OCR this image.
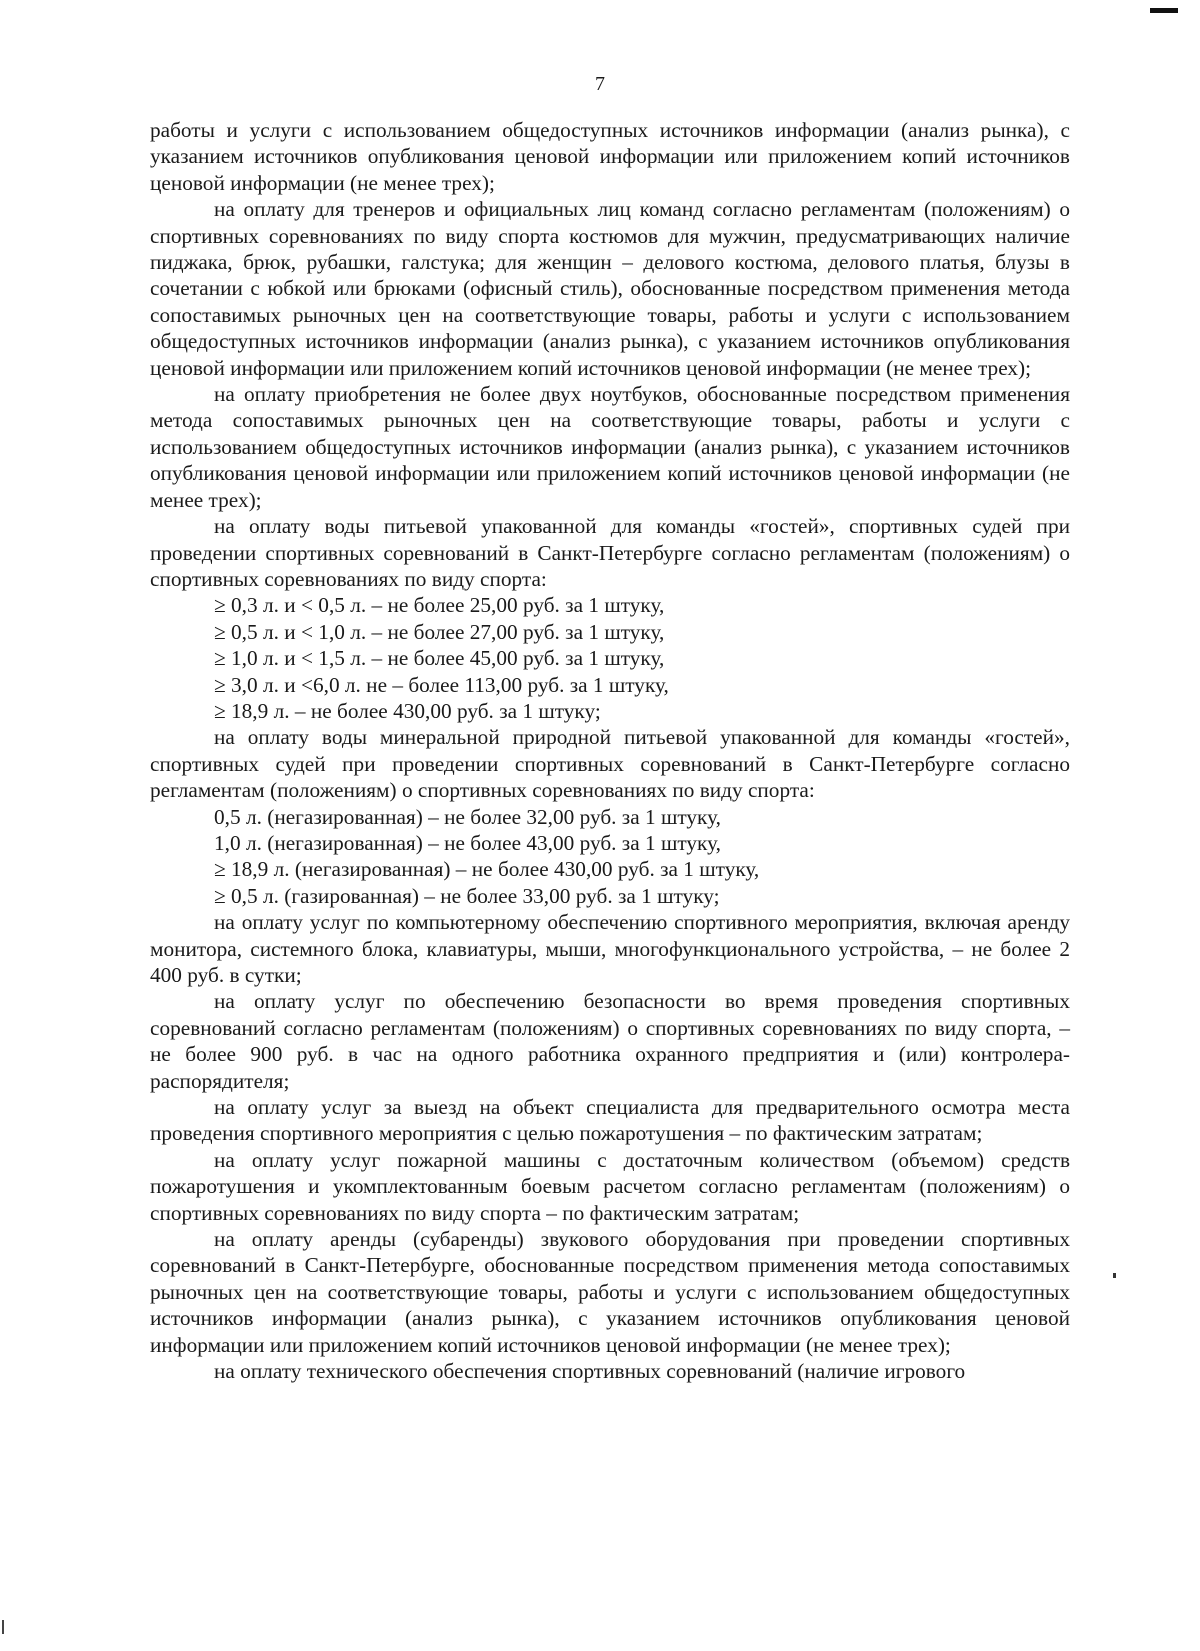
7

работы и услуги с использованием общедоступных источников информации (анализ рынка), с указанием источников опубликования ценовой информации или приложением копий источников ценовой информации (не менее трех);

на оплату для тренеров и официальных лиц команд согласно регламентам (положениям) о спортивных соревнованиях по виду спорта костюмов для мужчин, предусматривающих наличие пиджака, брюк, рубашки, галстука; для женщин – делового костюма, делового платья, блузы в сочетании с юбкой или брюками (офисный стиль), обоснованные посредством применения метода сопоставимых рыночных цен на соответствующие товары, работы и услуги с использованием общедоступных источников информации (анализ рынка), с указанием источников опубликования ценовой информации или приложением копий источников ценовой информации (не менее трех);

на оплату приобретения не более двух ноутбуков, обоснованные посредством применения метода сопоставимых рыночных цен на соответствующие товары, работы и услуги с использованием общедоступных источников информации (анализ рынка), с указанием источников опубликования ценовой информации или приложением копий источников ценовой информации (не менее трех);

на оплату воды питьевой упакованной для команды «гостей», спортивных судей при проведении спортивных соревнований в Санкт-Петербурге согласно регламентам (положениям) о спортивных соревнованиях по виду спорта:

≥ 0,3 л. и < 0,5 л. – не более 25,00 руб. за 1 штуку,

≥ 0,5 л. и < 1,0 л. – не более 27,00 руб. за 1 штуку,

≥ 1,0 л. и < 1,5 л. – не более 45,00 руб. за 1 штуку,

≥ 3,0 л. и <6,0 л. не – более 113,00 руб. за 1 штуку,

≥ 18,9 л. – не более 430,00 руб. за 1 штуку;

на оплату воды минеральной природной питьевой упакованной для команды «гостей», спортивных судей при проведении спортивных соревнований в Санкт-Петербурге согласно регламентам (положениям) о спортивных соревнованиях по виду спорта:

0,5 л. (негазированная) – не более 32,00 руб. за 1 штуку,

1,0 л. (негазированная) – не более 43,00 руб. за 1 штуку,

≥ 18,9 л. (негазированная) – не более 430,00 руб. за 1 штуку,

≥ 0,5 л. (газированная) – не более 33,00 руб. за 1 штуку;

на оплату услуг по компьютерному обеспечению спортивного мероприятия, включая аренду монитора, системного блока, клавиатуры, мыши, многофункционального устройства, – не более 2 400 руб. в сутки;

на оплату услуг по обеспечению безопасности во время проведения спортивных соревнований согласно регламентам (положениям) о спортивных соревнованиях по виду спорта, – не более 900 руб. в час на одного работника охранного предприятия и (или) контролера-распорядителя;

на оплату услуг за выезд на объект специалиста для предварительного осмотра места проведения спортивного мероприятия с целью пожаротушения – по фактическим затратам;

на оплату услуг пожарной машины с достаточным количеством (объемом) средств пожаротушения и укомплектованным боевым расчетом согласно регламентам (положениям) о спортивных соревнованиях по виду спорта – по фактическим затратам;

на оплату аренды (субаренды) звукового оборудования при проведении спортивных соревнований в Санкт-Петербурге, обоснованные посредством применения метода сопоставимых рыночных цен на соответствующие товары, работы и услуги с использованием общедоступных источников информации (анализ рынка), с указанием источников опубликования ценовой информации или приложением копий источников ценовой информации (не менее трех);

на оплату технического обеспечения спортивных соревнований (наличие игрового
